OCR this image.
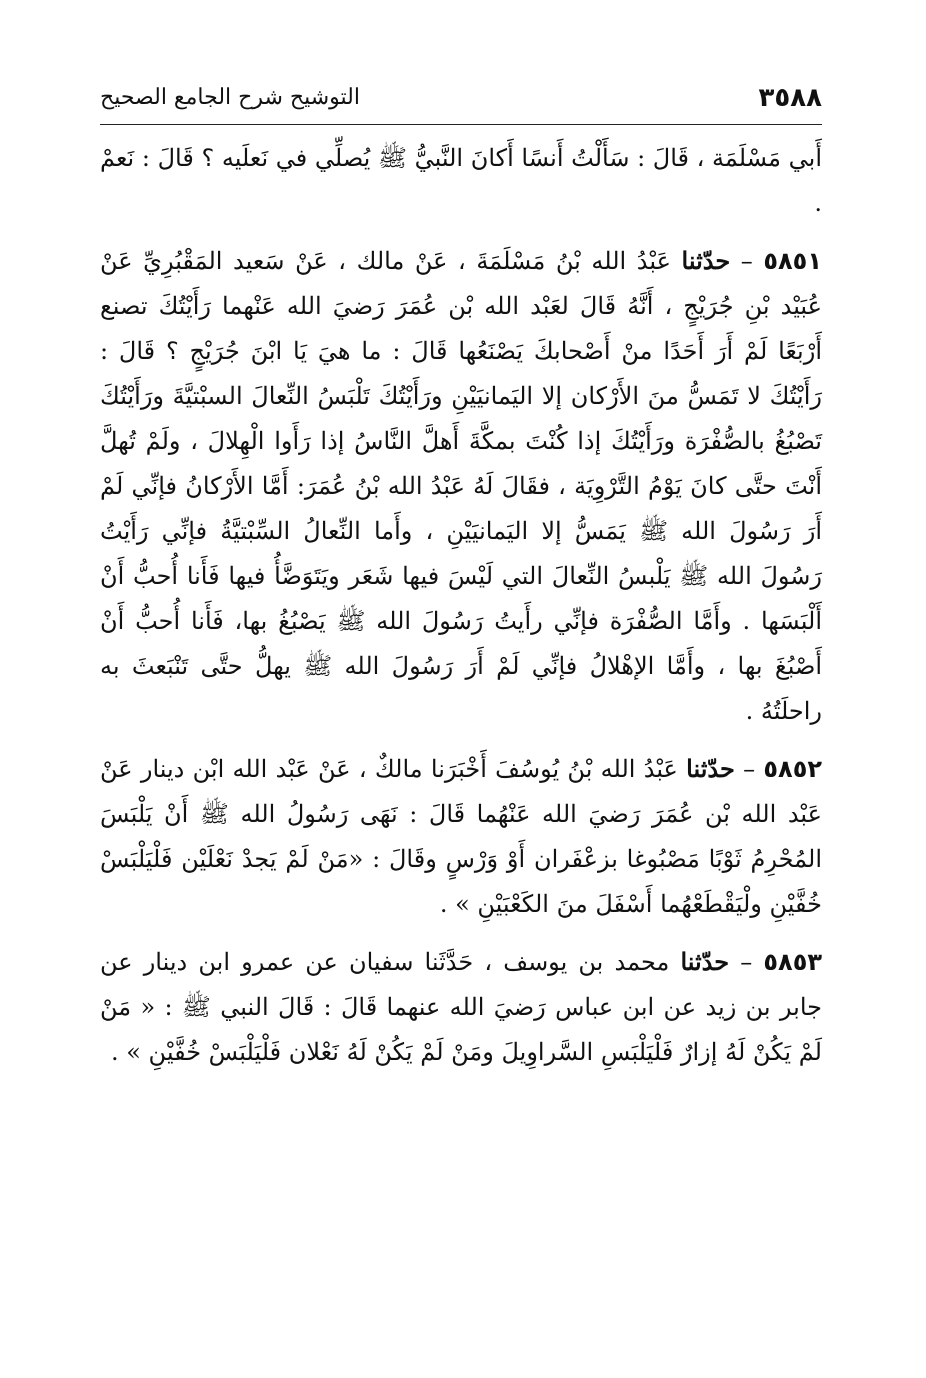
٣٥٨٨
التوشيح شرح الجامع الصحيح

أَبي مَسْلَمَة ، قَالَ : سَأَلْتُ أَنسًا أَكانَ النَّبيُّ ﷺ يُصلِّي في نَعلَيه ؟ قَالَ : نَعمْ .

٥٨٥١ – حدّثنا عَبْدُ الله بْنُ مَسْلَمَةَ ، عَنْ مالك ، عَنْ سَعيد المَقْبُرِيِّ عَنْ عُبَيْد بْنِ جُرَيْجٍ ، أَنَّهُ قَالَ لعَبْد الله بْن عُمَرَ رَضيَ الله عَنْهما رَأَيْتُكَ تصنع أَرْبَعًا لَمْ أَرَ أَحَدًا منْ أَصْحابكَ يَصْنَعُها قَالَ : ما هيَ يَا ابْنَ جُرَيْجٍ ؟ قَالَ : رَأَيْتُكَ لا تَمَسُّ منَ الأَرْكان إلا اليَمانيَيْنِ ورَأَيْتُكَ تَلْبَسُ النِّعالَ السبْتيَّةَ ورَأَيْتُكَ تَصْبُغُ بالصُّفْرَة ورَأَيْتُكَ إذا كُنْتَ بمكَّةَ أَهلَّ النَّاسُ إذا رَأَوا الْهِلالَ ، ولَمْ تُهلَّ أَنْتَ حتَّى كانَ يَوْمُ التَّرْوِيَة ، فقَالَ لَهُ عَبْدُ الله بْنُ عُمَرَ: أَمَّا الأَرْكانُ فإنِّي لَمْ أَرَ رَسُولَ الله ﷺ يَمَسُّ إلا اليَمانيَيْنِ ، وأَما النِّعالُ السِّبْتيَّةُ فإنِّي رَأَيْتُ رَسُولَ الله ﷺ يَلْبسُ النِّعالَ التي لَيْسَ فيها شَعَر ويَتَوَضَّأُ فيها فَأَنا أُحبُّ أَنْ أَلْبَسَها . وأَمَّا الصُّفْرَة فإنِّي رأَيتُ رَسُولَ الله ﷺ يَصْبُغُ بها، فَأَنا أُحبُّ أَنْ أَصْبُغَ بها ، وأَمَّا الإهْلالُ فإنِّي لَمْ أَرَ رَسُولَ الله ﷺ يهلُّ حتَّى تَنْبَعثَ به راحلَتُهُ .

٥٨٥٢ – حدّثنا عَبْدُ الله بْنُ يُوسُفَ أَخْبَرَنا مالكٌ ، عَنْ عَبْد الله ابْن دينار عَنْ عَبْد الله بْن عُمَرَ رَضيَ الله عَنْهُما قَالَ : نَهَى رَسُولُ الله ﷺ أَنْ يَلْبَسَ المُحْرِمُ ثَوْبًا مَصْبُوغا بزعْفَران أَوْ وَرْسٍ وقَالَ : «مَنْ لَمْ يَجدْ نَعْلَيْن فَلْيَلْبَسْ خُفَّيْنِ ولْيَقْطَعْهُما أَسْفَلَ منَ الكَعْبَيْنِ » .

٥٨٥٣ – حدّثنا محمد بن يوسف ، حَدَّثَنا سفيان عن عمرو ابن دينار عن جابر بن زيد عن ابن عباس رَضيَ الله عنهما قَالَ : قَالَ النبي ﷺ : « مَنْ لَمْ يَكُنْ لَهُ إزارٌ فَلْيَلْبَسِ السَّراوِيلَ ومَنْ لَمْ يَكُنْ لَهُ نَعْلان فَلْيَلْبَسْ خُفَّيْنِ » .
